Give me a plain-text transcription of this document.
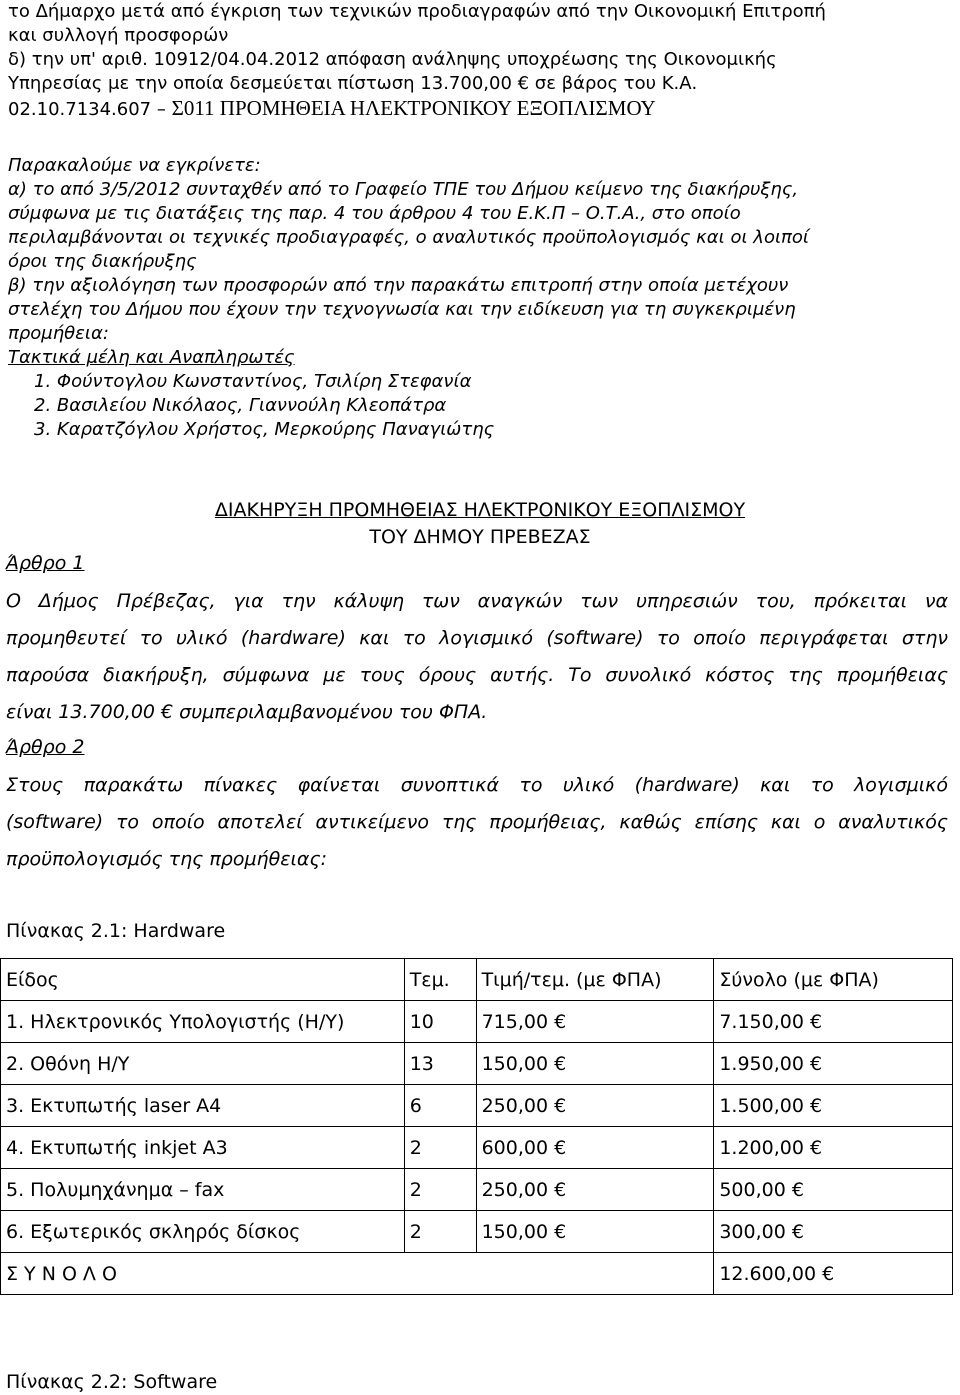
το Δήμαρχο μετά από έγκριση των τεχνικών προδιαγραφών από την Οικονομική Επιτροπή
και συλλογή προσφορών
δ) την υπ' αριθ. 10912/04.04.2012 απόφαση ανάληψης υποχρέωσης της Οικονομικής
Υπηρεσίας με την οποία δεσμεύεται πίστωση 13.700,00 € σε βάρος του Κ.Α.
02.10.7134.607 – Σ011 ΠΡΟΜΗΘΕΙΑ ΗΛΕΚΤΡΟΝΙΚΟΥ ΕΞΟΠΛΙΣΜΟΥ
Παρακαλούμε να εγκρίνετε:
α) το από 3/5/2012 συνταχθέν από το Γραφείο ΤΠΕ του Δήμου κείμενο της διακήρυξης,
σύμφωνα με τις διατάξεις της παρ. 4 του άρθρου 4 του Ε.Κ.Π – Ο.Τ.Α., στο οποίο
περιλαμβάνονται οι τεχνικές προδιαγραφές, ο αναλυτικός προϋπολογισμός και οι λοιποί
όροι της διακήρυξης
β) την αξιολόγηση των προσφορών από την παρακάτω επιτροπή στην οποία μετέχουν
στελέχη του Δήμου που έχουν την τεχνογνωσία και την ειδίκευση για τη συγκεκριμένη
προμήθεια:
Τακτικά μέλη και Αναπληρωτές
1. Φούντογλου Κωνσταντίνος, Τσιλίρη Στεφανία
2. Βασιλείου Νικόλαος, Γιαννούλη Κλεοπάτρα
3. Καρατζόγλου Χρήστος, Μερκούρης Παναγιώτης
ΔΙΑΚΗΡΥΞΗ ΠΡΟΜΗΘΕΙΑΣ ΗΛΕΚΤΡΟΝΙΚΟΥ ΕΞΟΠΛΙΣΜΟΥ
ΤΟΥ ΔΗΜΟΥ ΠΡΕΒΕΖΑΣ
Άρθρο 1
Ο Δήμος Πρέβεζας, για την κάλυψη των αναγκών των υπηρεσιών του, πρόκειται να
προμηθευτεί το υλικό (hardware) και το λογισμικό (software) το οποίο περιγράφεται στην
παρούσα διακήρυξη, σύμφωνα με τους όρους αυτής. Το συνολικό κόστος της προμήθειας
είναι 13.700,00 € συμπεριλαμβανομένου του ΦΠΑ.
Άρθρο 2
Στους παρακάτω πίνακες φαίνεται συνοπτικά το υλικό (hardware) και το λογισμικό
(software) το οποίο αποτελεί αντικείμενο της προμήθειας, καθώς επίσης και ο αναλυτικός
προϋπολογισμός της προμήθειας:
Πίνακας 2.1: Hardware
Είδος	Τεμ.	Τιμή/τεμ. (με ΦΠΑ)	Σύνολο (με ΦΠΑ)
1. Ηλεκτρονικός Υπολογιστής (Η/Υ)	10	715,00 €	7.150,00 €
2. Οθόνη Η/Υ	13	150,00 €	1.950,00 €
3. Εκτυπωτής laser A4	6	250,00 €	1.500,00 €
4. Εκτυπωτής inkjet A3	2	600,00 €	1.200,00 €
5. Πολυμηχάνημα – fax	2	250,00 €	500,00 €
6. Εξωτερικός σκληρός δίσκος	2	150,00 €	300,00 €
Σ Υ Ν Ο Λ Ο			12.600,00 €
Πίνακας 2.2: Software
